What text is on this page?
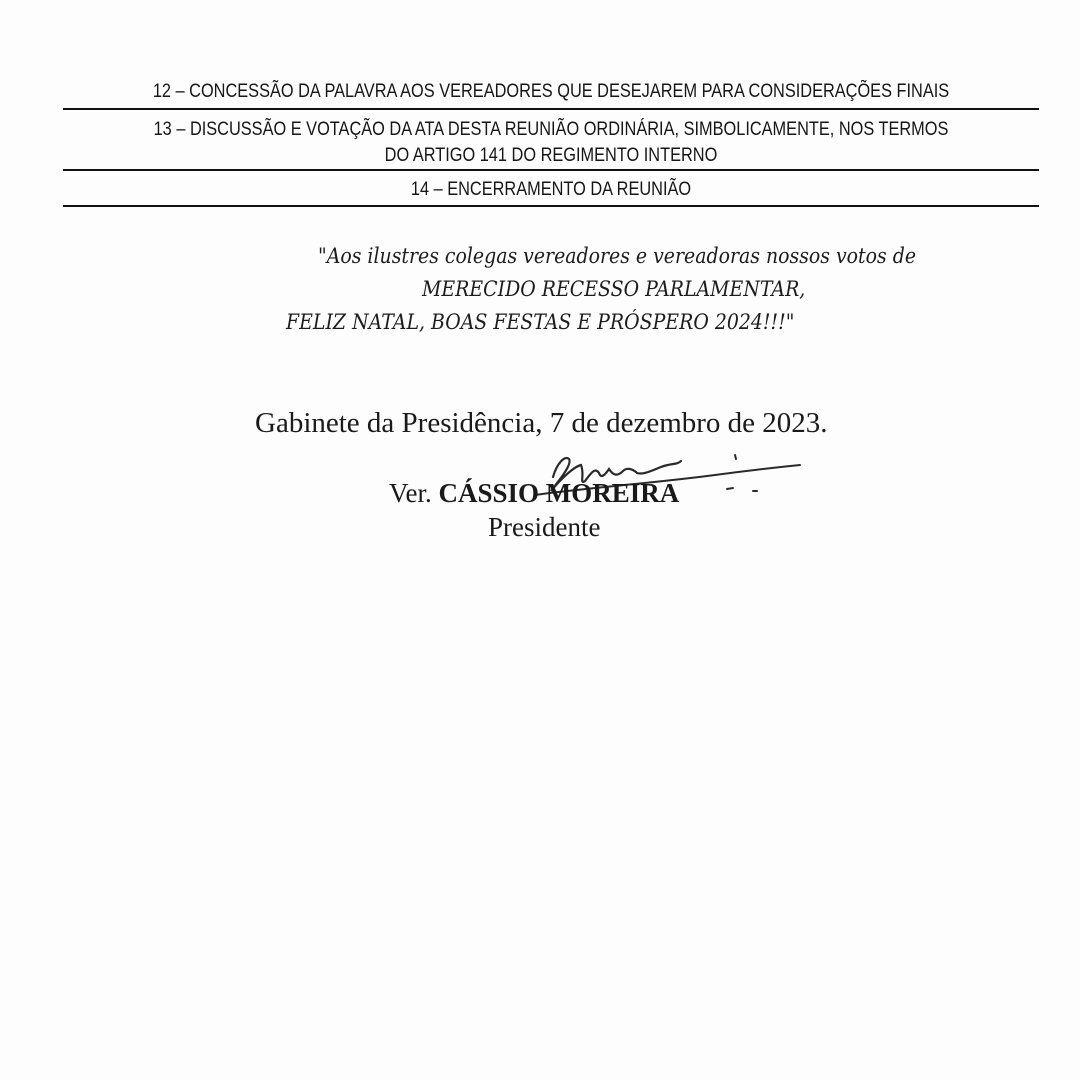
12 – CONCESSÃO DA PALAVRA AOS VEREADORES QUE DESEJAREM PARA CONSIDERAÇÕES FINAIS
13 – DISCUSSÃO E VOTAÇÃO DA ATA DESTA REUNIÃO ORDINÁRIA, SIMBOLICAMENTE, NOS TERMOS
DO ARTIGO 141 DO REGIMENTO INTERNO
14 – ENCERRAMENTO DA REUNIÃO
"Aos ilustres colegas vereadores e vereadoras nossos votos de
MERECIDO RECESSO PARLAMENTAR,
FELIZ NATAL, BOAS FESTAS E PRÓSPERO 2024!!!"
Gabinete da Presidência, 7 de dezembro de 2023.
Ver. CÁSSIO MOREIRA
Presidente
